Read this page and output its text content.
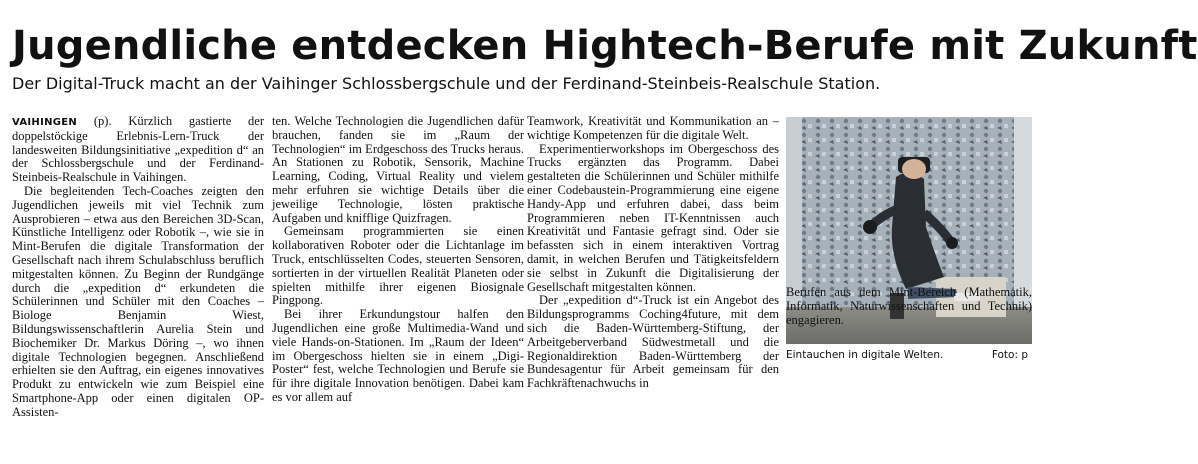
Jugendliche entdecken Hightech-Berufe mit Zukunft
Der Digital-Truck macht an der Vaihinger Schlossbergschule und der Ferdinand-Steinbeis-Realschule Station.

VAIHINGEN (p). Kürzlich gastierte der doppelstöckige Erlebnis-Lern-Truck der landesweiten Bildungsinitiative „expedition d“ an der Schlossbergschule und der Ferdinand-Steinbeis-Realschule in Vaihingen.

Die begleitenden Tech-Coaches zeigten den Jugendlichen jeweils mit viel Technik zum Ausprobieren – etwa aus den Bereichen 3D-Scan, Künstliche Intelligenz oder Robotik –, wie sie in Mint-Berufen die digitale Transformation der Gesellschaft nach ihrem Schulabschluss beruflich mitgestalten können. Zu Beginn der Rundgänge durch die „expedition d“ erkundeten die Schülerinnen und Schüler mit den Coaches – Biologe Benjamin Wiest, Bildungswissenschaftlerin Aurelia Stein und Biochemiker Dr. Markus Döring –, wo ihnen digitale Technologien begegnen. Anschließend erhielten sie den Auftrag, ein eigenes innovatives Produkt zu entwickeln wie zum Beispiel eine Smartphone-App oder einen digitalen OP-Assisten-

ten. Welche Technologien die Jugendlichen dafür brauchen, fanden sie im „Raum der Technologien“ im Erdgeschoss des Trucks heraus. An Stationen zu Robotik, Sensorik, Machine Learning, Coding, Virtual Reality und vielem mehr erfuhren sie wichtige Details über die jeweilige Technologie, lösten praktische Aufgaben und knifflige Quizfragen.

Gemeinsam programmierten sie einen kollaborativen Roboter oder die Lichtanlage im Truck, entschlüsselten Codes, steuerten Sensoren, sortierten in der virtuellen Realität Planeten oder spielten mithilfe ihrer eigenen Biosignale Pingpong.

Bei ihrer Erkundungstour halfen den Jugendlichen eine große Multimedia-Wand und viele Hands-on-Stationen. Im „Raum der Ideen“ im Obergeschoss hielten sie in einem „Digi-Poster“ fest, welche Technologien und Berufe sie für ihre digitale Innovation benötigen. Dabei kam es vor allem auf

Teamwork, Kreativität und Kommunikation an – wichtige Kompetenzen für die digitale Welt.

Experimentierworkshops im Obergeschoss des Trucks ergänzten das Programm. Dabei gestalteten die Schülerinnen und Schüler mithilfe einer Codebaustein-Programmierung eine eigene Handy-App und erfuhren dabei, dass beim Programmieren neben IT-Kenntnissen auch Kreativität und Fantasie gefragt sind. Oder sie befassten sich in einem interaktiven Vortrag damit, in welchen Berufen und Tätigkeitsfeldern sie selbst in Zukunft die Digitalisierung der Gesellschaft mitgestalten können.

Der „expedition d“-Truck ist ein Angebot des Bildungsprogramms Coching4future, mit dem sich die Baden-Württemberg-Stiftung, der Arbeitgeberverband Südwestmetall und die Regionaldirektion Baden-Württemberg der Bundesagentur für Arbeit gemeinsam für den Fachkräftenachwuchs in

Eintauchen in digitale Welten.	Foto: p

Berufen aus dem Mint-Bereich (Mathematik, Informatik, Naturwissenschaften und Technik) engagieren.
